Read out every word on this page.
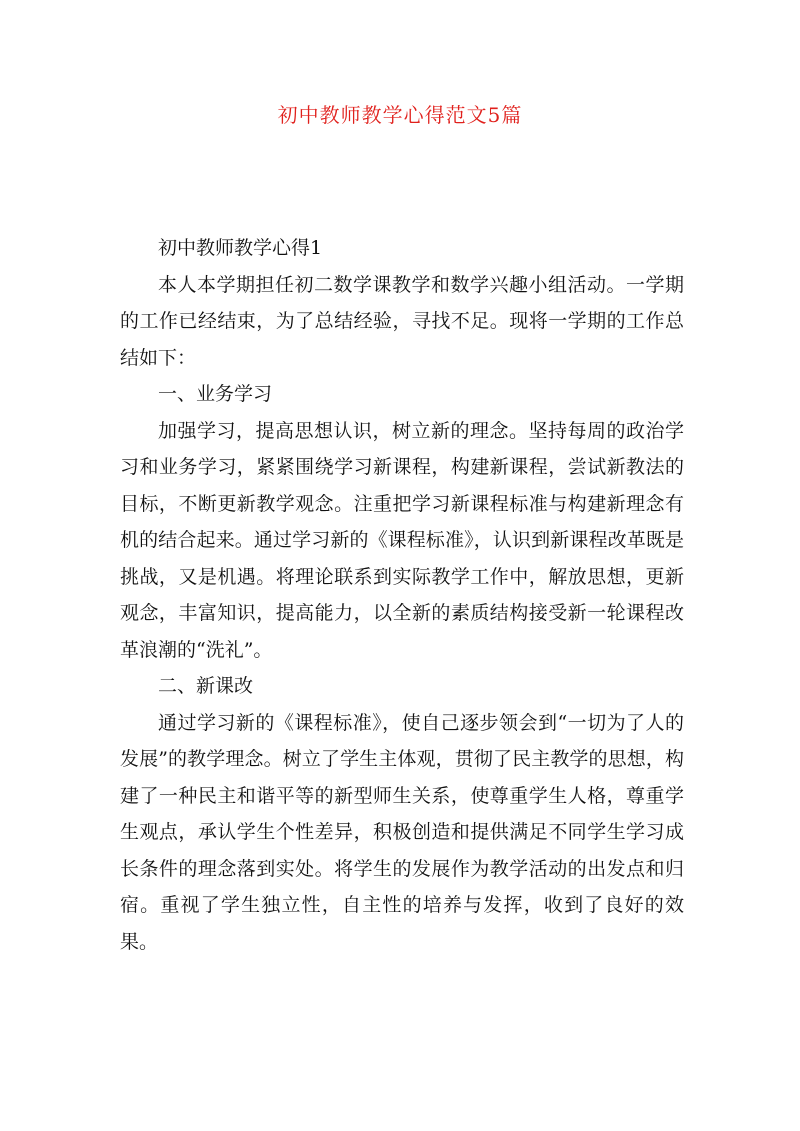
初中教师教学心得范文5篇

初中教师教学心得1

本人本学期担任初二数学课教学和数学兴趣小组活动。一学期的工作已经结束，为了总结经验，寻找不足。现将一学期的工作总结如下：

一、业务学习

加强学习，提高思想认识，树立新的理念。坚持每周的政治学习和业务学习，紧紧围绕学习新课程，构建新课程，尝试新教法的目标，不断更新教学观念。注重把学习新课程标准与构建新理念有机的结合起来。通过学习新的《课程标准》，认识到新课程改革既是挑战，又是机遇。将理论联系到实际教学工作中，解放思想，更新观念，丰富知识，提高能力，以全新的素质结构接受新一轮课程改革浪潮的“洗礼”。

二、新课改

通过学习新的《课程标准》，使自己逐步领会到“一切为了人的发展”的教学理念。树立了学生主体观，贯彻了民主教学的思想，构建了一种民主和谐平等的新型师生关系，使尊重学生人格，尊重学生观点，承认学生个性差异，积极创造和提供满足不同学生学习成长条件的理念落到实处。将学生的发展作为教学活动的出发点和归宿。重视了学生独立性，自主性的培养与发挥，收到了良好的效果。
